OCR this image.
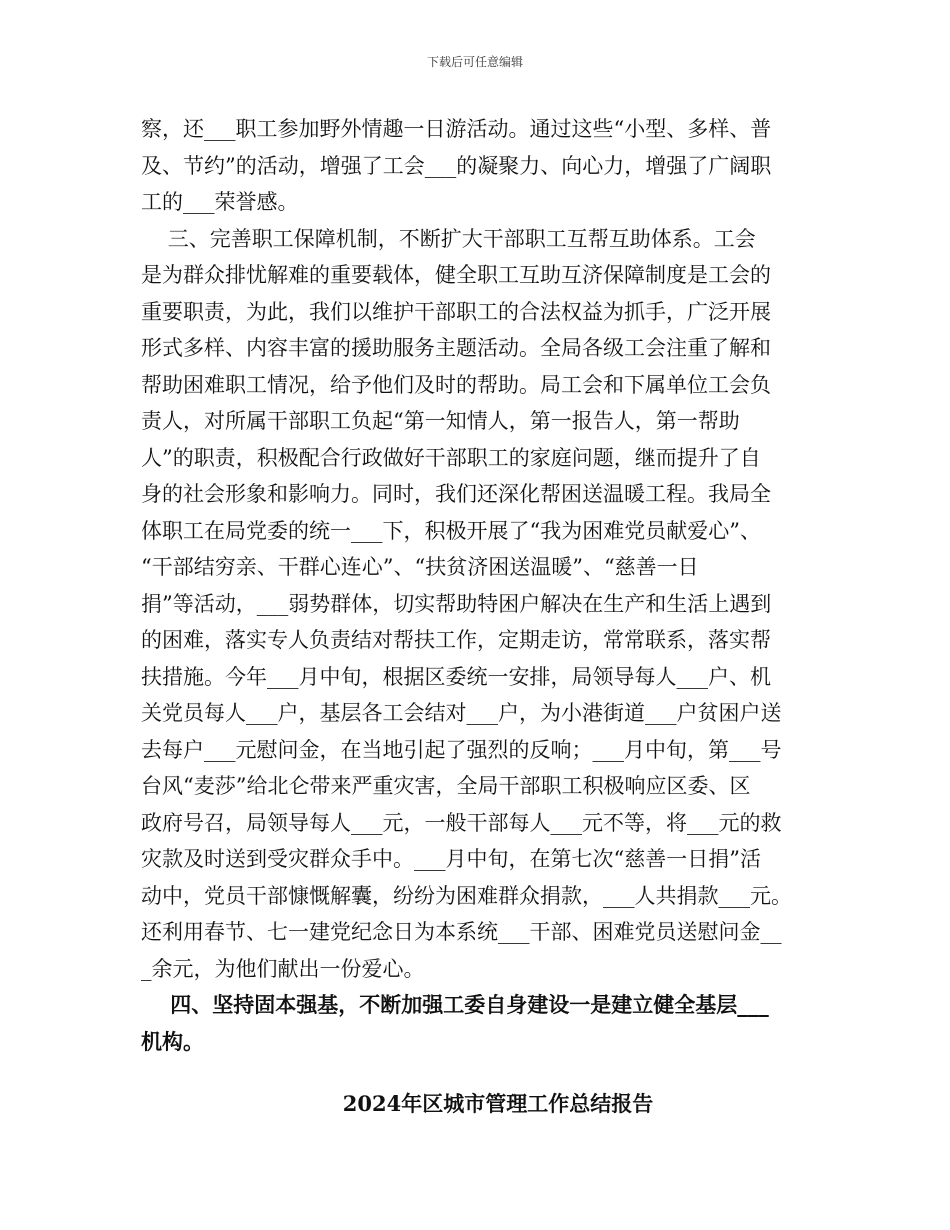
下载后可任意编辑
察，还___职工参加野外情趣一日游活动。通过这些“小型、多样、普
及、节约”的活动，增强了工会___的凝聚力、向心力，增强了广阔职
工的___荣誉感。
三、完善职工保障机制，不断扩大干部职工互帮互助体系。工会
是为群众排忧解难的重要载体，健全职工互助互济保障制度是工会的
重要职责，为此，我们以维护干部职工的合法权益为抓手，广泛开展
形式多样、内容丰富的援助服务主题活动。全局各级工会注重了解和
帮助困难职工情况，给予他们及时的帮助。局工会和下属单位工会负
责人，对所属干部职工负起“第一知情人，第一报告人，第一帮助
人”的职责，积极配合行政做好干部职工的家庭问题，继而提升了自
身的社会形象和影响力。同时，我们还深化帮困送温暖工程。我局全
体职工在局党委的统一___下，积极开展了“我为困难党员献爱心”、
“干部结穷亲、干群心连心”、“扶贫济困送温暖”、“慈善一日
捐”等活动，___弱势群体，切实帮助特困户解决在生产和生活上遇到
的困难，落实专人负责结对帮扶工作，定期走访，常常联系，落实帮
扶措施。今年___月中旬，根据区委统一安排，局领导每人___户、机
关党员每人___户，基层各工会结对___户，为小港街道___户贫困户送
去每户___元慰问金，在当地引起了强烈的反响；___月中旬，第___号
台风“麦莎”给北仑带来严重灾害，全局干部职工积极响应区委、区
政府号召，局领导每人___元，一般干部每人___元不等，将___元的救
灾款及时送到受灾群众手中。___月中旬，在第七次“慈善一日捐”活
动中，党员干部慷慨解囊，纷纷为困难群众捐款，___人共捐款___元。
还利用春节、七一建党纪念日为本系统___干部、困难党员送慰问金__
_余元，为他们献出一份爱心。
四、坚持固本强基，不断加强工委自身建设一是建立健全基层___
机构。
2024年区城市管理工作总结报告
